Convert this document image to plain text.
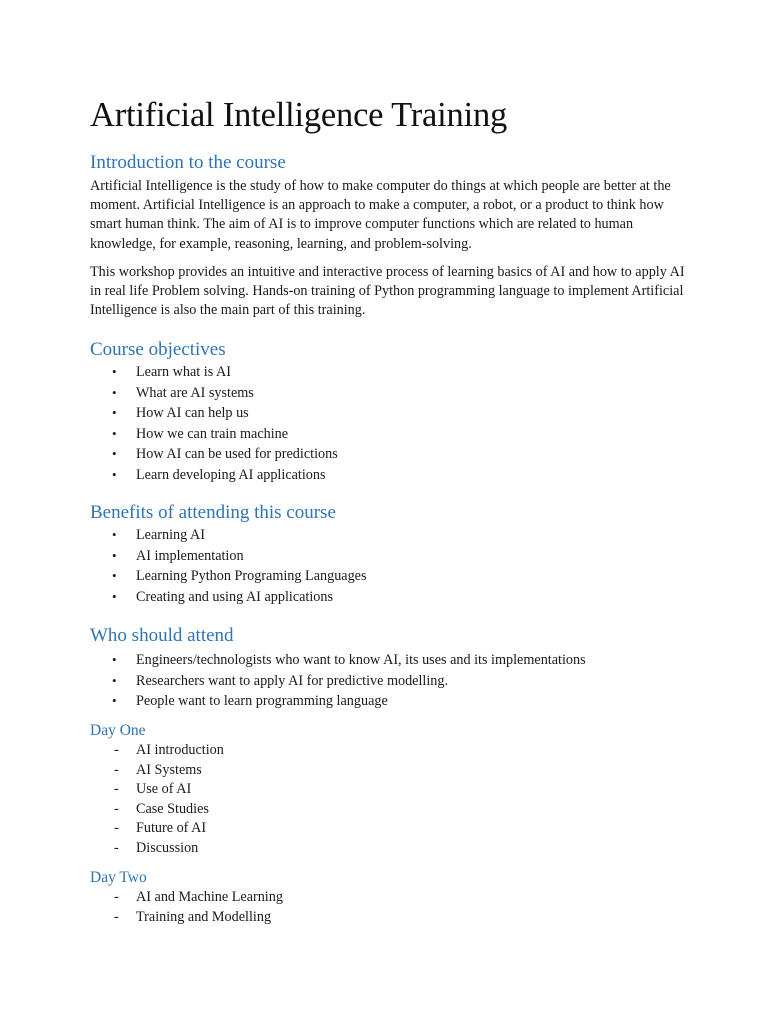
Artificial Intelligence Training
Introduction to the course

Artificial Intelligence is the study of how to make computer do things at which people are better at the moment. Artificial Intelligence is an approach to make a computer, a robot, or a product to think how smart human think. The aim of AI is to improve computer functions which are related to human knowledge, for example, reasoning, learning, and problem-solving.

This workshop provides an intuitive and interactive process of learning basics of AI and how to apply AI in real life Problem solving. Hands-on training of Python programming language to implement Artificial Intelligence is also the main part of this training.

Course objectives
• Learn what is AI
• What are AI systems
• How AI can help us
• How we can train machine
• How AI can be used for predictions
• Learn developing AI applications
Benefits of attending this course
• Learning AI
• AI implementation
• Learning Python Programing Languages
• Creating and using AI applications
Who should attend
• Engineers/technologists who want to know AI, its uses and its implementations
• Researchers want to apply AI for predictive modelling.
• People want to learn programming language
Day One
- AI introduction
- AI Systems
- Use of AI
- Case Studies
- Future of AI
- Discussion
Day Two
- AI and Machine Learning
- Training and Modelling
